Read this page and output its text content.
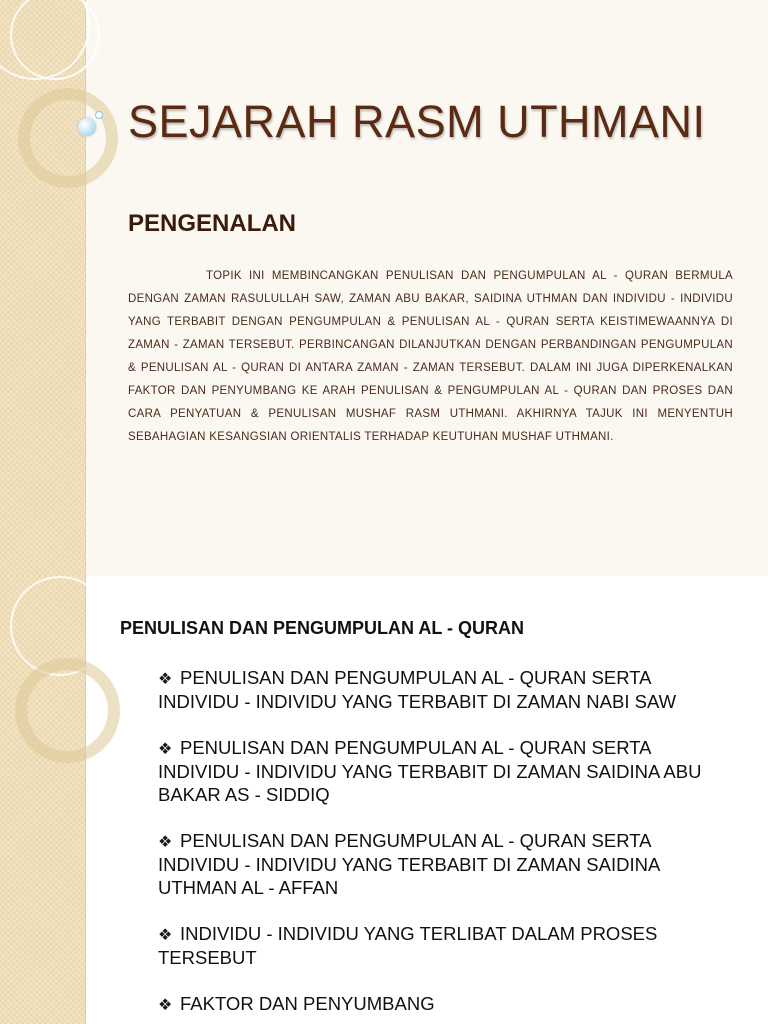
SEJARAH RASM UTHMANI
PENGENALAN

TOPIK INI MEMBINCANGKAN PENULISAN DAN PENGUMPULAN AL - QURAN BERMULA DENGAN ZAMAN RASULULLAH SAW, ZAMAN ABU BAKAR, SAIDINA UTHMAN DAN INDIVIDU - INDIVIDU YANG TERBABIT DENGAN PENGUMPULAN & PENULISAN AL - QURAN SERTA KEISTIMEWAANNYA DI ZAMAN - ZAMAN TERSEBUT. PERBINCANGAN DILANJUTKAN DENGAN PERBANDINGAN PENGUMPULAN & PENULISAN AL - QURAN DI ANTARA ZAMAN - ZAMAN TERSEBUT. DALAM INI JUGA DIPERKENALKAN FAKTOR DAN PENYUMBANG KE ARAH PENULISAN & PENGUMPULAN AL - QURAN DAN PROSES DAN CARA PENYATUAN & PENULISAN MUSHAF RASM UTHMANI. AKHIRNYA TAJUK INI MENYENTUH SEBAHAGIAN KESANGSIAN ORIENTALIS TERHADAP KEUTUHAN MUSHAF UTHMANI.

PENULISAN DAN PENGUMPULAN AL - QURAN
❖ PENULISAN DAN PENGUMPULAN AL - QURAN SERTA INDIVIDU - INDIVIDU YANG TERBABIT DI ZAMAN NABI SAW
❖ PENULISAN DAN PENGUMPULAN AL - QURAN SERTA INDIVIDU - INDIVIDU YANG TERBABIT DI ZAMAN SAIDINA ABU BAKAR AS - SIDDIQ
❖ PENULISAN DAN PENGUMPULAN AL - QURAN SERTA INDIVIDU - INDIVIDU YANG TERBABIT DI ZAMAN SAIDINA UTHMAN AL - AFFAN
❖ INDIVIDU - INDIVIDU YANG TERLIBAT DALAM PROSES TERSEBUT
❖ FAKTOR DAN PENYUMBANG
